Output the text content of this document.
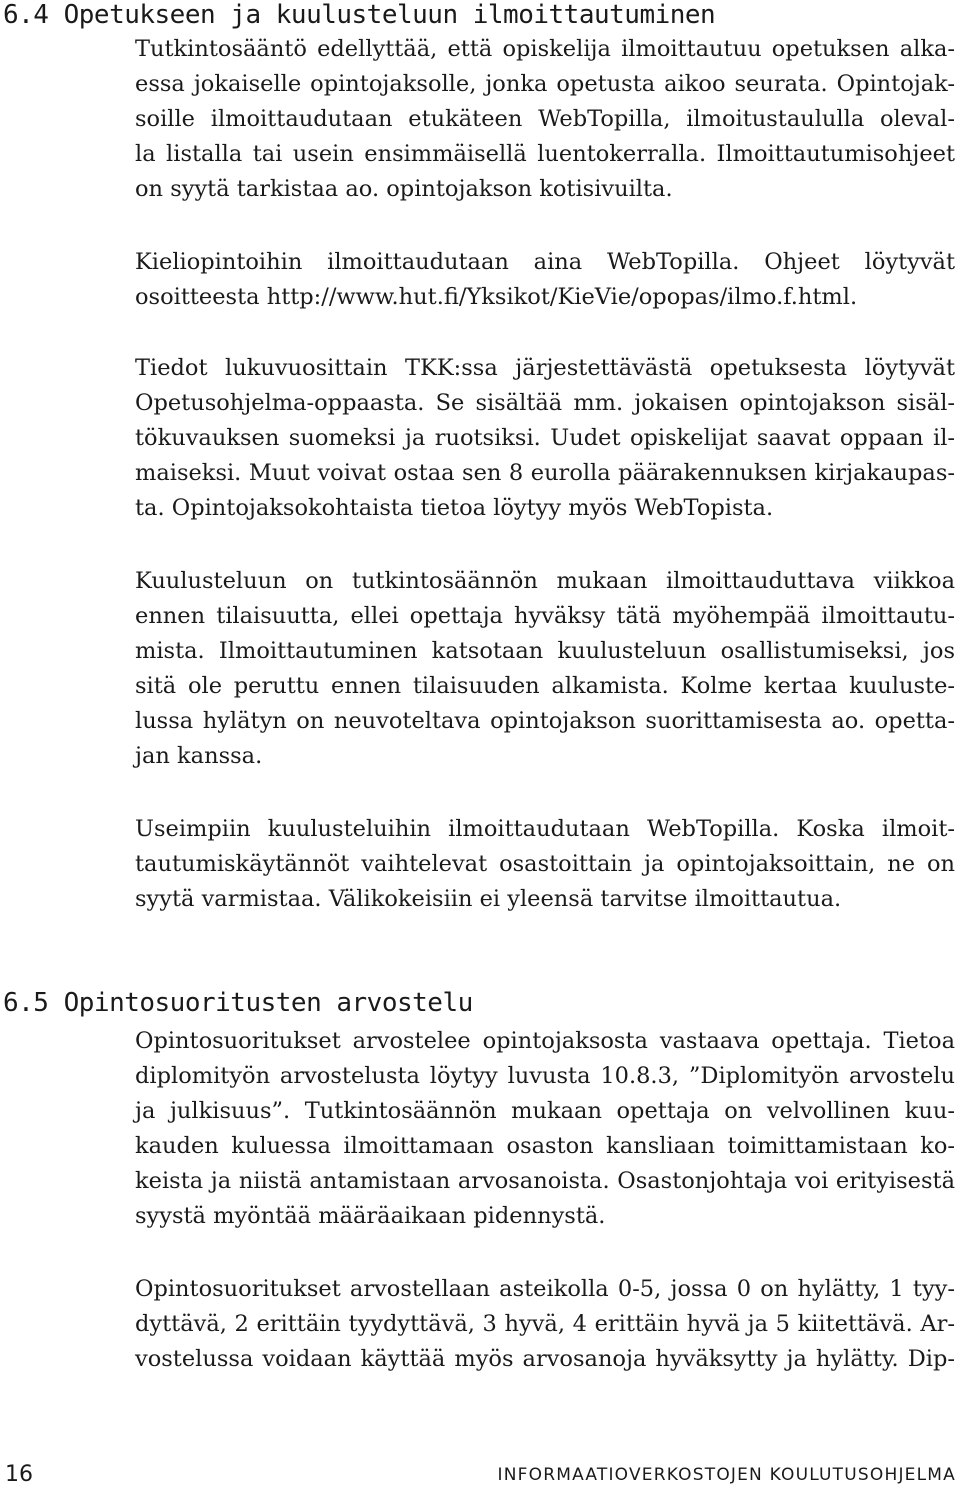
6.4 Opetukseen ja kuulusteluun ilmoittautuminen

Tutkintosääntö edellyttää, että opiskelija ilmoittautuu opetuksen alka-
essa jokaiselle opintojaksolle, jonka opetusta aikoo seurata. Opintojak-
soille ilmoittaudutaan etukäteen WebTopilla, ilmoitustaululla oleval-
la listalla tai usein ensimmäisellä luentokerralla. Ilmoittautumisohjeet
on syytä tarkistaa ao. opintojakson kotisivuilta.

Kieliopintoihin ilmoittaudutaan aina WebTopilla. Ohjeet löytyvät
osoitteesta http://www.hut.fi/Yksikot/KieVie/opopas/ilmo.f.html.

Tiedot lukuvuosittain TKK:ssa järjestettävästä opetuksesta löytyvät
Opetusohjelma-oppaasta. Se sisältää mm. jokaisen opintojakson sisäl-
tökuvauksen suomeksi ja ruotsiksi. Uudet opiskelijat saavat oppaan il-
maiseksi. Muut voivat ostaa sen 8 eurolla päärakennuksen kirjakaupas-
ta. Opintojaksokohtaista tietoa löytyy myös WebTopista.

Kuulusteluun on tutkintosäännön mukaan ilmoittauduttava viikkoa
ennen tilaisuutta, ellei opettaja hyväksy tätä myöhempää ilmoittautu-
mista. Ilmoittautuminen katsotaan kuulusteluun osallistumiseksi, jos
sitä ole peruttu ennen tilaisuuden alkamista. Kolme kertaa kuuluste-
lussa hylätyn on neuvoteltava opintojakson suorittamisesta ao. opetta-
jan kanssa.

Useimpiin kuulusteluihin ilmoittaudutaan WebTopilla. Koska ilmoit-
tautumiskäytännöt vaihtelevat osastoittain ja opintojaksoittain, ne on
syytä varmistaa. Välikokeisiin ei yleensä tarvitse ilmoittautua.

6.5 Opintosuoritusten arvostelu

Opintosuoritukset arvostelee opintojaksosta vastaava opettaja. Tietoa
diplomityön arvostelusta löytyy luvusta 10.8.3, ”Diplomityön arvostelu
ja julkisuus”. Tutkintosäännön mukaan opettaja on velvollinen kuu-
kauden kuluessa ilmoittamaan osaston kansliaan toimittamistaan ko-
keista ja niistä antamistaan arvosanoista. Osastonjohtaja voi erityisestä
syystä myöntää määräaikaan pidennystä.

Opintosuoritukset arvostellaan asteikolla 0-5, jossa 0 on hylätty, 1 tyy-
dyttävä, 2 erittäin tyydyttävä, 3 hyvä, 4 erittäin hyvä ja 5 kiitettävä. Ar-
vostelussa voidaan käyttää myös arvosanoja hyväksytty ja hylätty. Dip-

16	INFORMAATIOVERKOSTOJEN KOULUTUSOHJELMA
